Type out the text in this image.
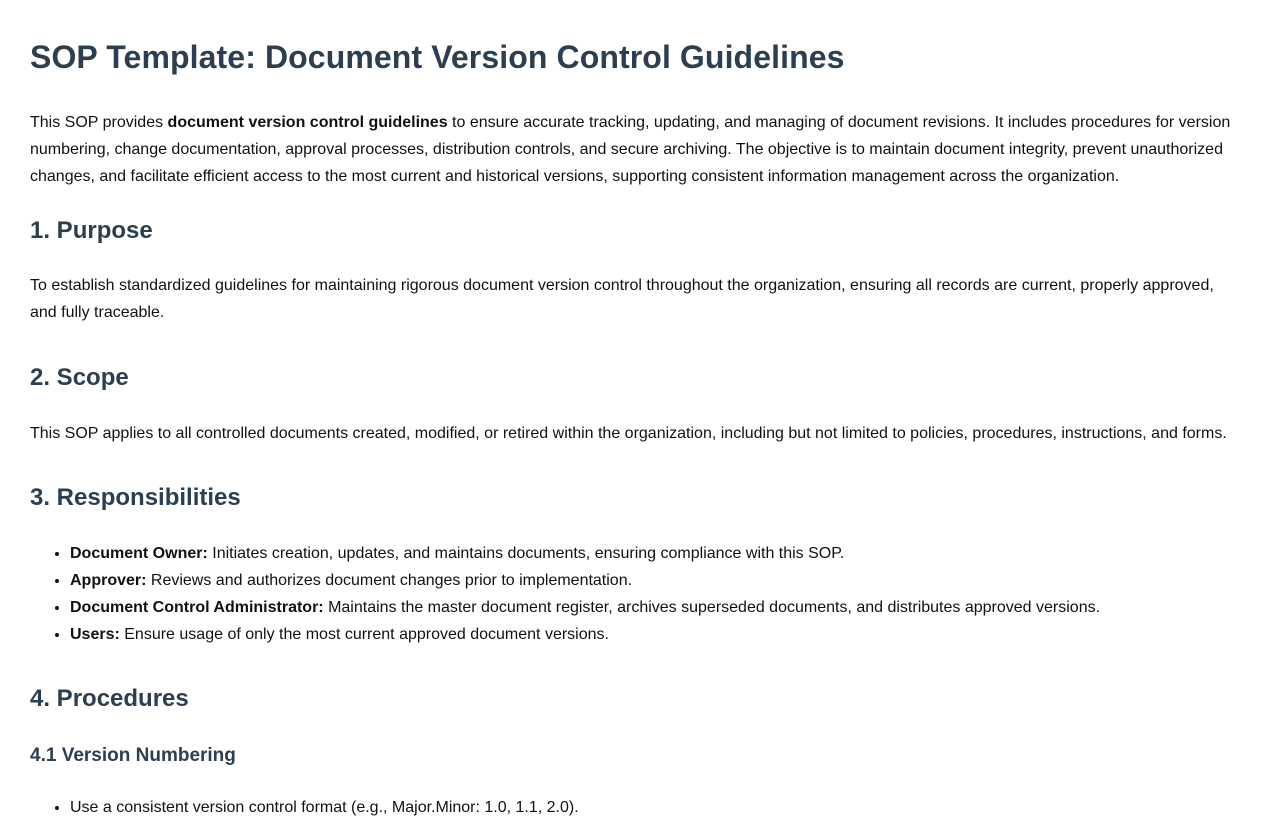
SOP Template: Document Version Control Guidelines

This SOP provides document version control guidelines to ensure accurate tracking, updating, and managing of document revisions. It includes procedures for version numbering, change documentation, approval processes, distribution controls, and secure archiving. The objective is to maintain document integrity, prevent unauthorized changes, and facilitate efficient access to the most current and historical versions, supporting consistent information management across the organization.

1. Purpose

To establish standardized guidelines for maintaining rigorous document version control throughout the organization, ensuring all records are current, properly approved, and fully traceable.

2. Scope

This SOP applies to all controlled documents created, modified, or retired within the organization, including but not limited to policies, procedures, instructions, and forms.

3. Responsibilities
• Document Owner: Initiates creation, updates, and maintains documents, ensuring compliance with this SOP.
• Approver: Reviews and authorizes document changes prior to implementation.
• Document Control Administrator: Maintains the master document register, archives superseded documents, and distributes approved versions.
• Users: Ensure usage of only the most current approved document versions.
4. Procedures
4.1 Version Numbering
• Use a consistent version control format (e.g., Major.Minor: 1.0, 1.1, 2.0).
